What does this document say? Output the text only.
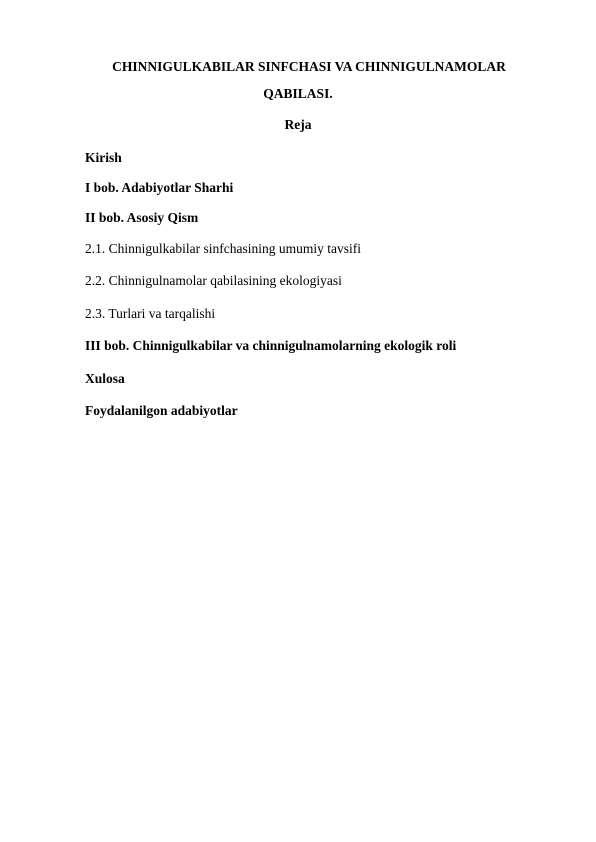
CHINNIGULKABILAR SINFCHASI VA CHINNIGULNAMOLAR
QABILASI.
Reja
Kirish
I bob. Adabiyotlar Sharhi
II bob. Asosiy Qism
2.1. Chinnigulkabilar sinfchasining umumiy tavsifi
2.2. Chinnigulnamolar qabilasining ekologiyasi
2.3. Turlari va tarqalishi
III bob. Chinnigulkabilar va chinnigulnamolarning ekologik roli
Xulosa
Foydalanilgon adabiyotlar
